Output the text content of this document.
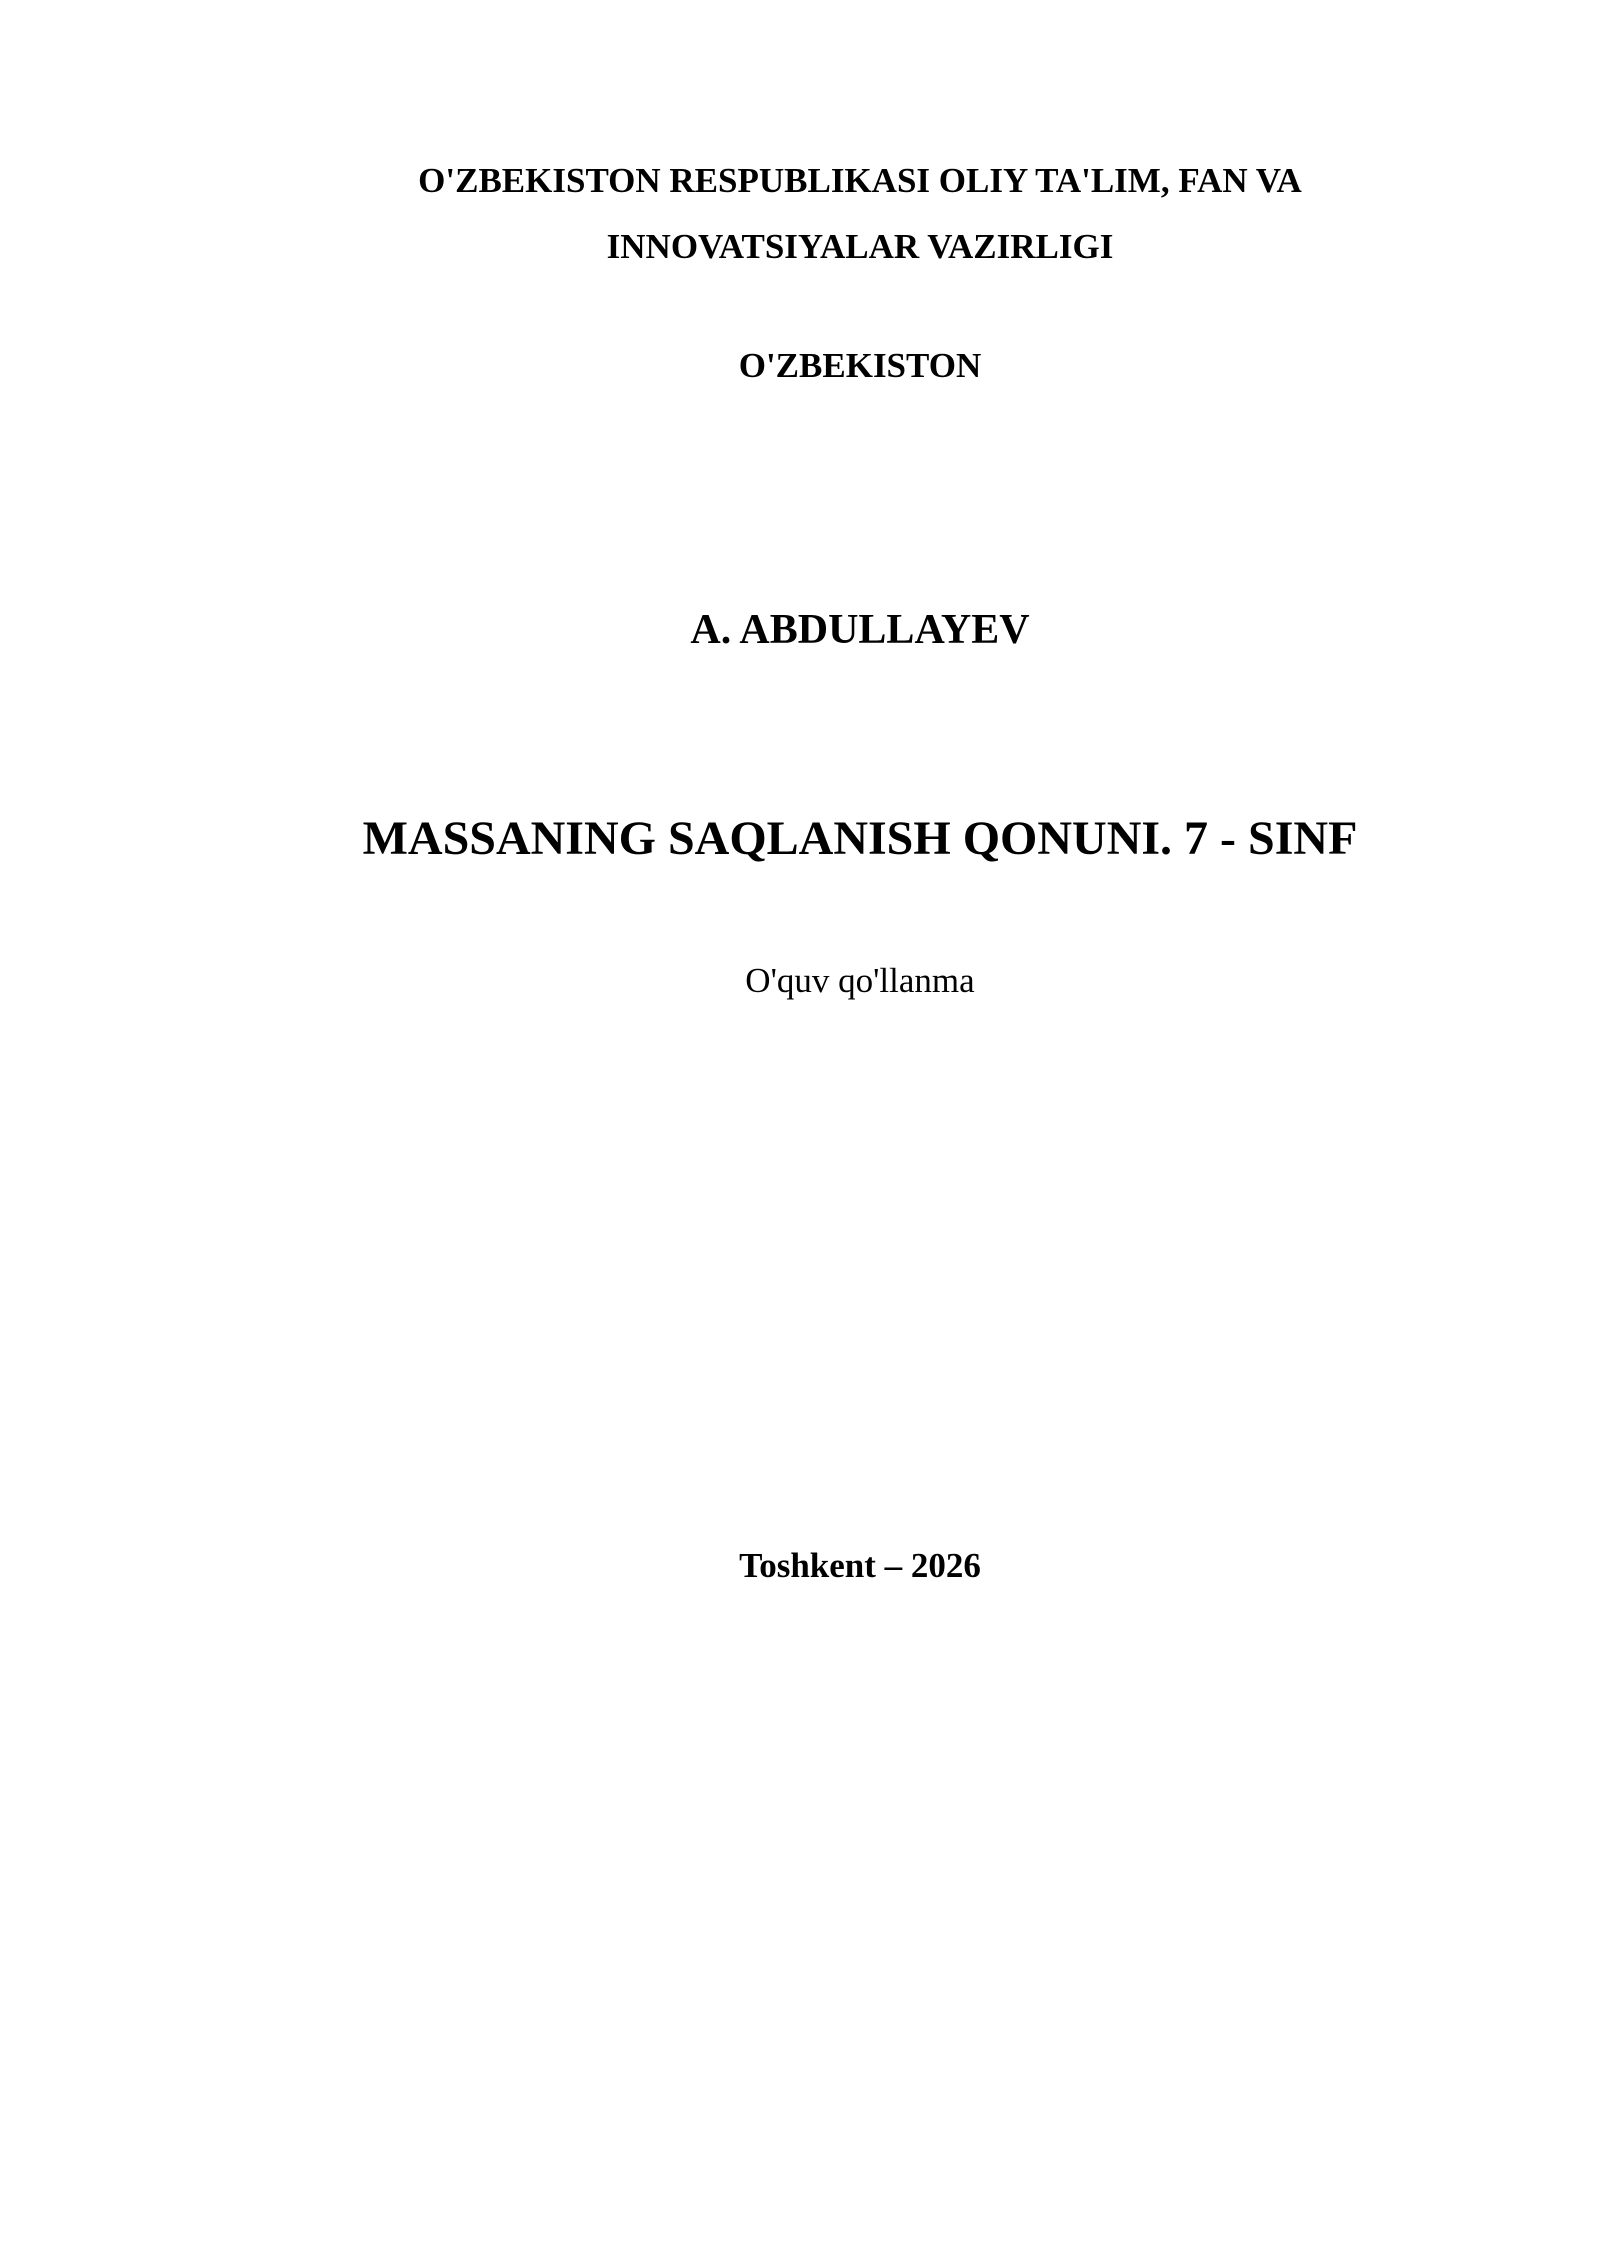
O'ZBEKISTON RESPUBLIKASI OLIY TA'LIM, FAN VA
INNOVATSIYALAR VAZIRLIGI
O'ZBEKISTON
A. ABDULLAYEV
MASSANING SAQLANISH QONUNI. 7 - SINF
O'quv qo'llanma
Toshkent – 2026
